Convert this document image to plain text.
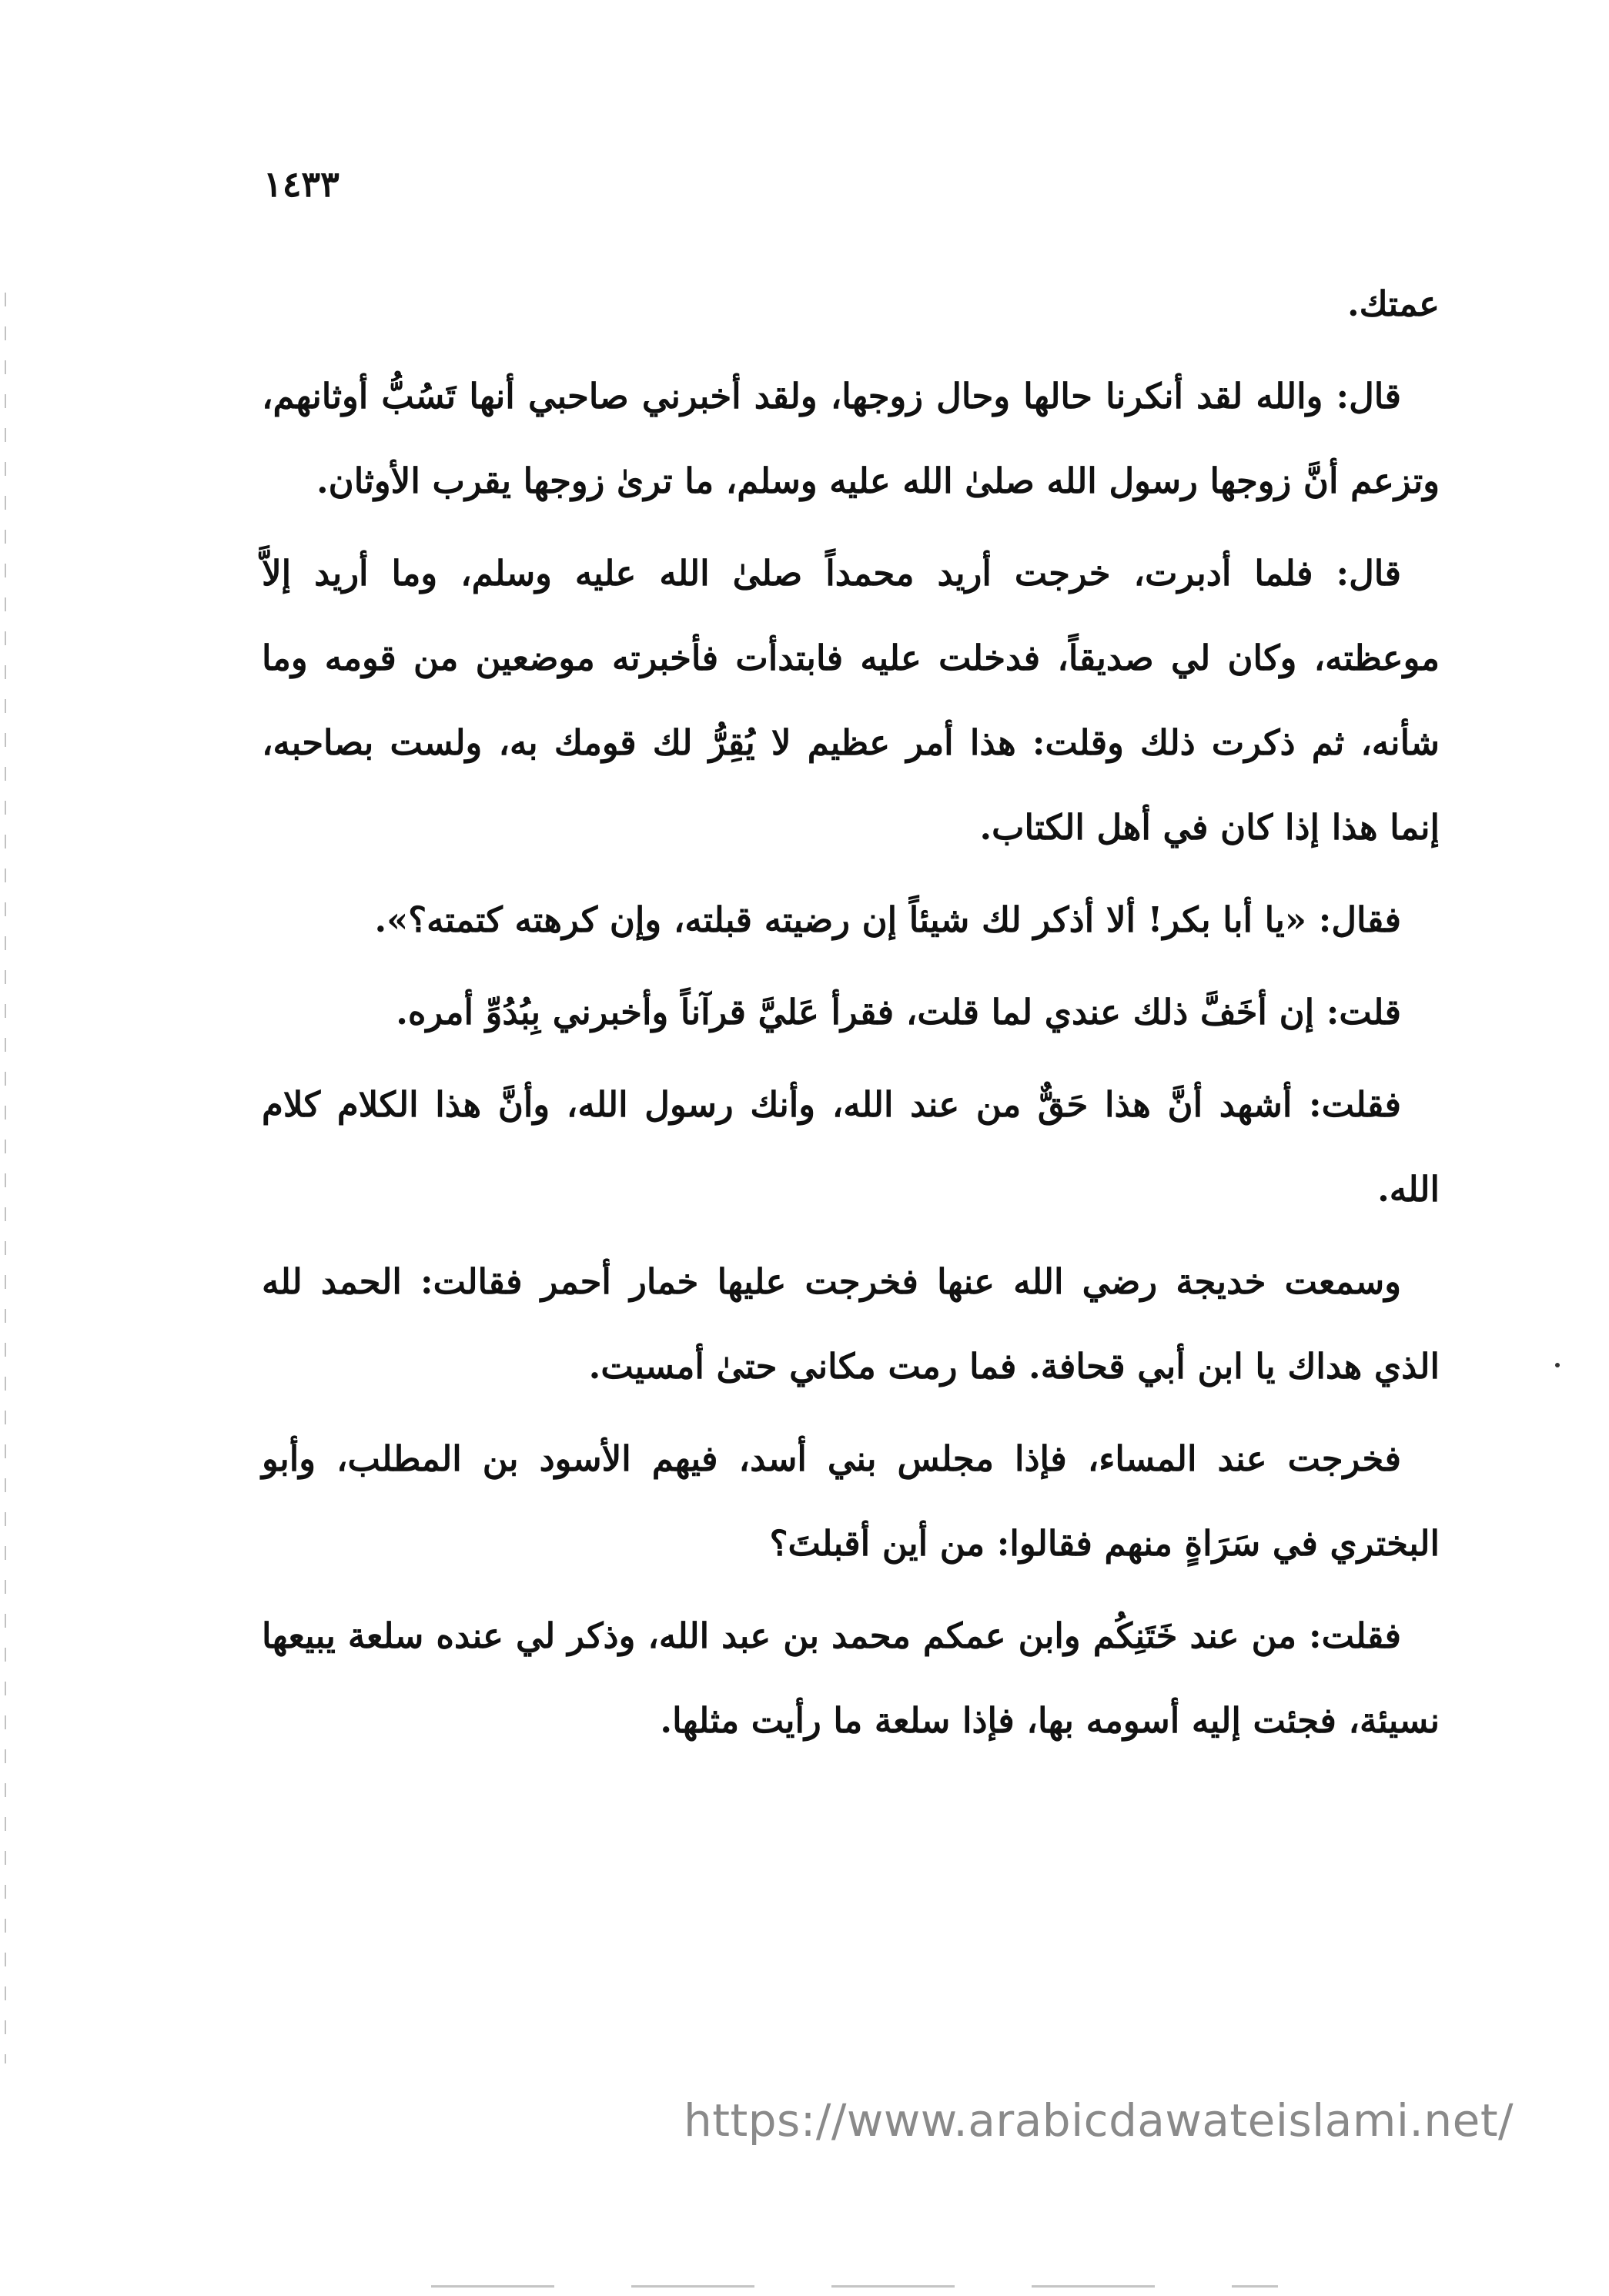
١٤٣٣

عمتك.

قال: والله لقد أنكرنا حالها وحال زوجها، ولقد أخبرني صاحبي أنها تَسُبُّ أوثانهم، وتزعم أنَّ زوجها رسول الله صلىٰ الله عليه وسلم، ما ترىٰ زوجها يقرب الأوثان.

قال: فلما أدبرت، خرجت أريد محمداً صلىٰ الله عليه وسلم، وما أريد إلاَّ موعظته، وكان لي صديقاً، فدخلت عليه فابتدأت فأخبرته موضعين من قومه وما شأنه، ثم ذكرت ذلك وقلت: هذا أمر عظيم لا يُقِرُّ لك قومك به، ولست بصاحبه، إنما هذا إذا كان في أهل الكتاب.

فقال: «يا أبا بكر! ألا أذكر لك شيئاً إن رضيته قبلته، وإن كرهته كتمته؟».

قلت: إن أخَفَّ ذلك عندي لما قلت، فقرأ عَليَّ قرآناً وأخبرني بِبُدُوِّ أمره.

فقلت: أشهد أنَّ هذا حَقٌّ من عند الله، وأنك رسول الله، وأنَّ هذا الكلام كلام الله.

وسمعت خديجة رضي الله عنها فخرجت عليها خمار أحمر فقالت: الحمد لله الذي هداك يا ابن أبي قحافة. فما رمت مكاني حتىٰ أمسيت.

فخرجت عند المساء، فإذا مجلس بني أسد، فيهم الأسود بن المطلب، وأبو البختري في سَرَاةٍ منهم فقالوا: من أين أقبلتَ؟

فقلت: من عند خَتَنِكُم وابن عمكم محمد بن عبد الله، وذكر لي عنده سلعة يبيعها نسيئة، فجئت إليه أسومه بها، فإذا سلعة ما رأيت مثلها.

https://www.arabicdawateislami.net/
